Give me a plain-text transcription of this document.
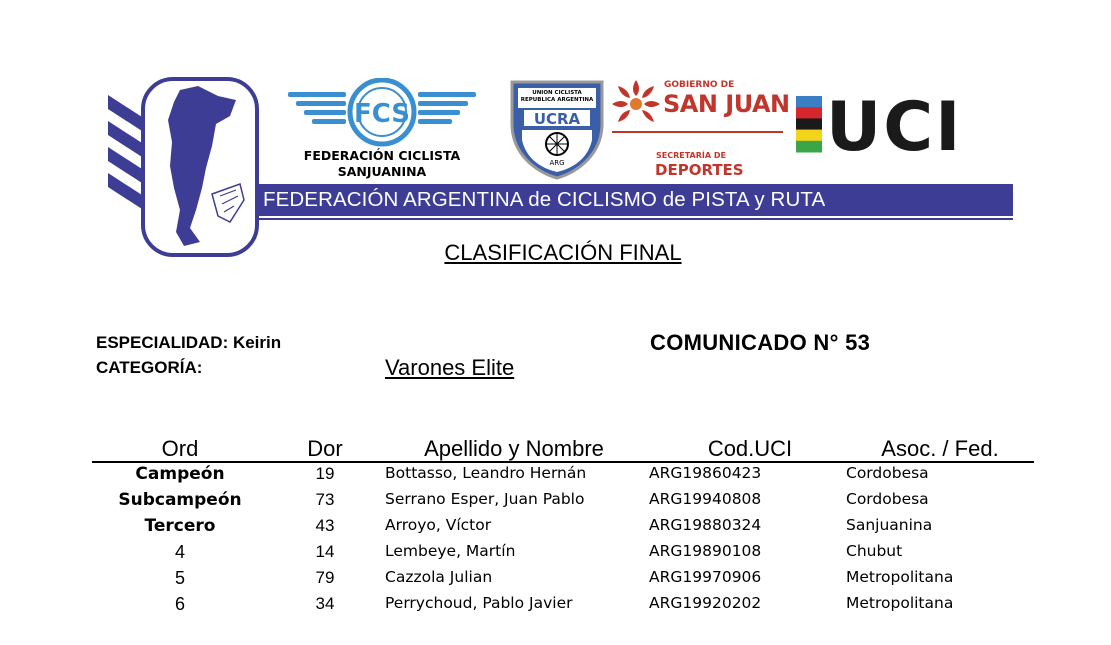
FCS
FEDERACIÓN CICLISTA
SANJUANINA
UNION CICLISTA REPUBLICA ARGENTINA
UCRA
ARG
GOBIERNO DE
SAN JUAN
SECRETARÍA DE
DEPORTES
UCI
FEDERACIÓN ARGENTINA de CICLISMO de PISTA y RUTA
CLASIFICACIÓN FINAL
ESPECIALIDAD: Keirin
CATEGORÍA:	Varones Elite
COMUNICADO N° 53
Ord	Dor	Apellido y Nombre	Cod.UCI	Asoc. / Fed.
Campeón	19	Bottasso, Leandro Hernán	ARG19860423	Cordobesa
Subcampeón	73	Serrano Esper, Juan Pablo	ARG19940808	Cordobesa
Tercero	43	Arroyo, Víctor	ARG19880324	Sanjuanina
4	14	Lembeye, Martín	ARG19890108	Chubut
5	79	Cazzola Julian	ARG19970906	Metropolitana
6	34	Perrychoud, Pablo Javier	ARG19920202	Metropolitana
